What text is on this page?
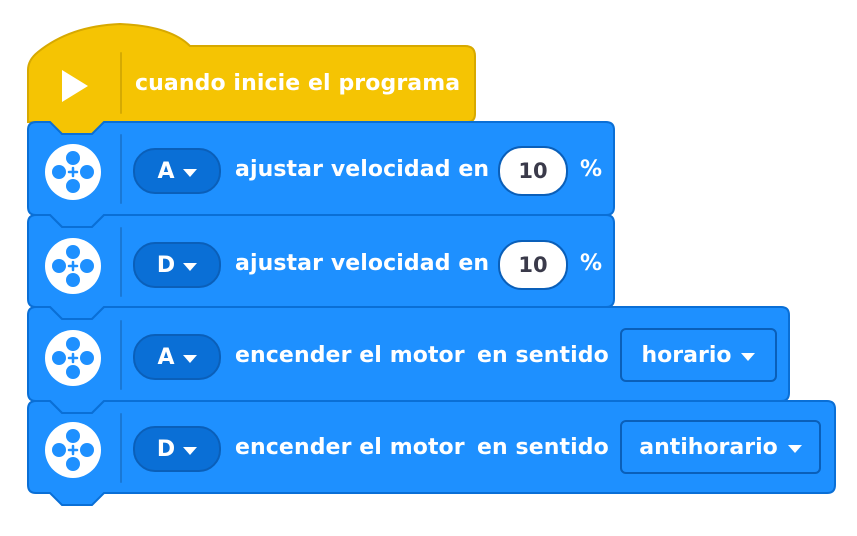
cuando inicie el programa
A	ajustar velocidad en	10	%
D	ajustar velocidad en	10	%
A	encender el motor en sentido horario
D	encender el motor en sentido antihorario
